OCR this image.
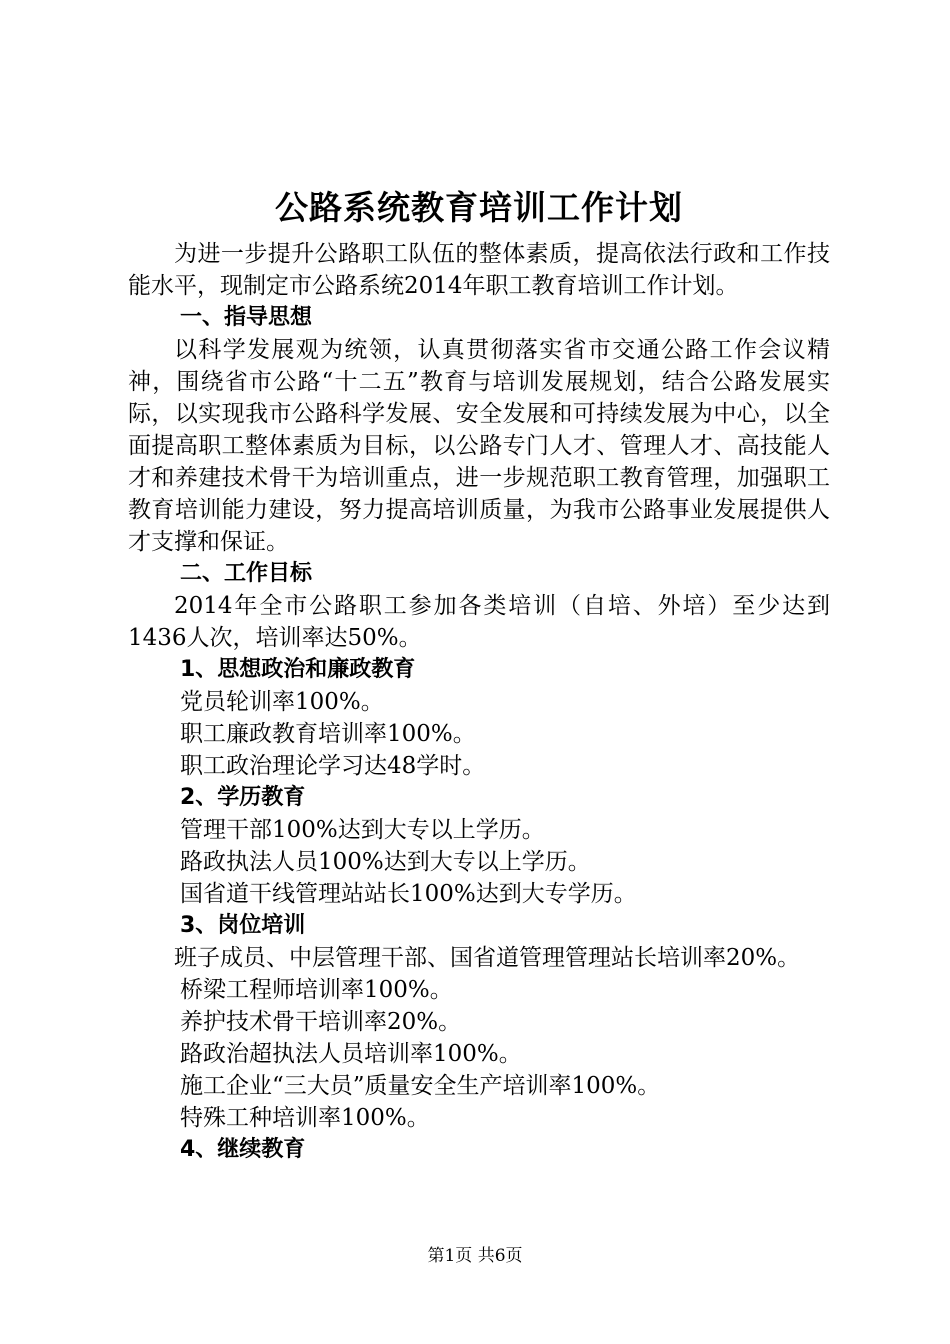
公路系统教育培训工作计划

为进一步提升公路职工队伍的整体素质，提高依法行政和工作技能水平，现制定市公路系统2014年职工教育培训工作计划。

一、指导思想

以科学发展观为统领，认真贯彻落实省市交通公路工作会议精神，围绕省市公路“十二五”教育与培训发展规划，结合公路发展实际，以实现我市公路科学发展、安全发展和可持续发展为中心，以全面提高职工整体素质为目标，以公路专门人才、管理人才、高技能人才和养建技术骨干为培训重点，进一步规范职工教育管理，加强职工教育培训能力建设，努力提高培训质量，为我市公路事业发展提供人才支撑和保证。

二、工作目标

2014年全市公路职工参加各类培训（自培、外培）至少达到1436人次，培训率达50%。

1、思想政治和廉政教育

党员轮训率100%。

职工廉政教育培训率100%。

职工政治理论学习达48学时。

2、学历教育

管理干部100%达到大专以上学历。

路政执法人员100%达到大专以上学历。

国省道干线管理站站长100%达到大专学历。

3、岗位培训

班子成员、中层管理干部、国省道管理管理站长培训率20%。

桥梁工程师培训率100%。

养护技术骨干培训率20%。

路政治超执法人员培训率100%。

施工企业“三大员”质量安全生产培训率100%。

特殊工种培训率100%。

4、继续教育
第1页 共6页
